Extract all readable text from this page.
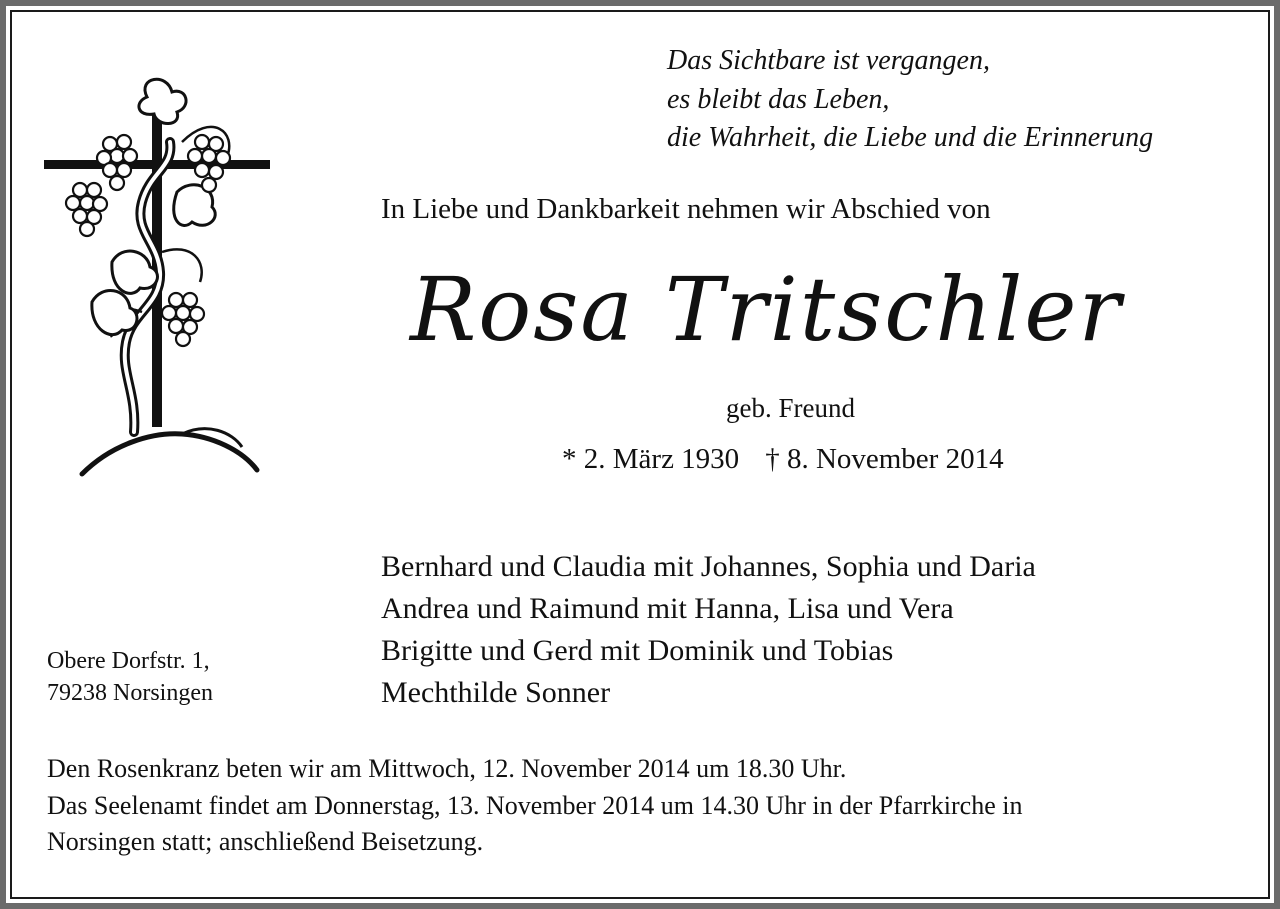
Das Sichtbare ist vergangen,
es bleibt das Leben,
die Wahrheit, die Liebe und die Erinnerung

In Liebe und Dankbarkeit nehmen wir Abschied von

Rosa Tritschler

geb. Freund

* 2. März 1930 † 8. November 2014

Bernhard und Claudia mit Johannes, Sophia und Daria
Andrea und Raimund mit Hanna, Lisa und Vera
Brigitte und Gerd mit Dominik und Tobias
Mechthilde Sonner

Obere Dorfstr. 1,
79238 Norsingen

Den Rosenkranz beten wir am Mittwoch, 12. November 2014 um 18.30 Uhr.
Das Seelenamt findet am Donnerstag, 13. November 2014 um 14.30 Uhr in der Pfarrkirche in
Norsingen statt; anschließend Beisetzung.
